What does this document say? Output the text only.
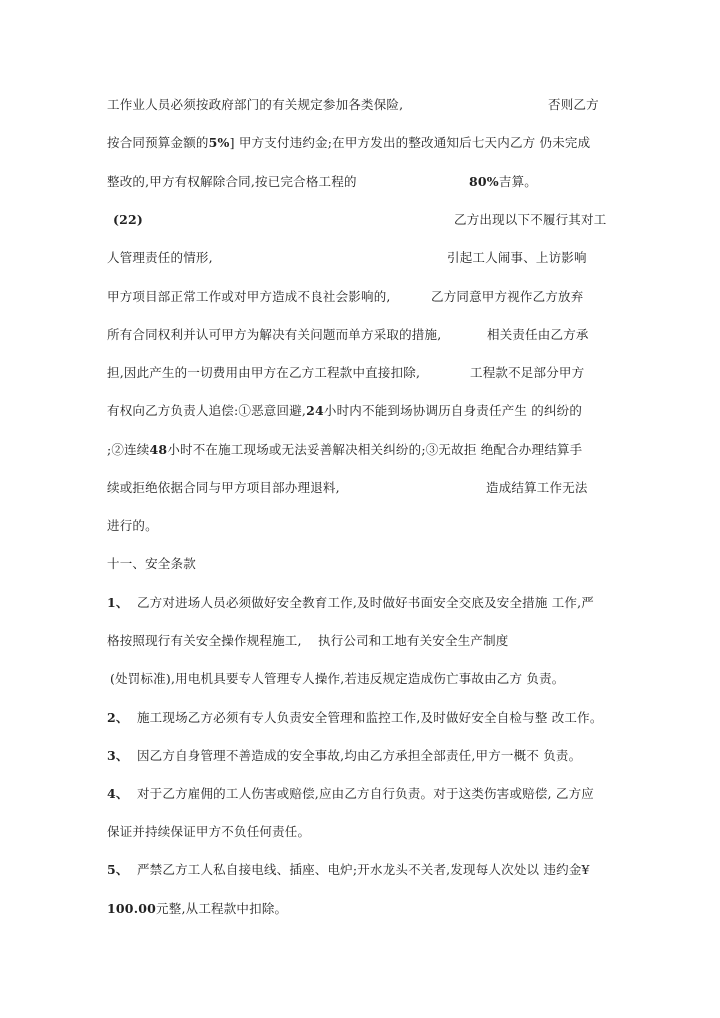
工作业人员必须按政府部门的有关规定参加各类保险,	否则乙方
按合同预算金额的5%] 甲方支付违约金;在甲方发出的整改通知后七天内乙方 仍未完成
整改的,甲方有权解除合同,按已完合格工程的	80%吉算。
(22)	乙方出现以下不履行其对工
人管理责任的情形,	引起工人闹事、上访影响
甲方项目部正常工作或对甲方造成不良社会影响的,	乙方同意甲方视作乙方放弃
所有合同权利并认可甲方为解决有关问题而单方采取的措施,	相关责任由乙方承
担,因此产生的一切费用由甲方在乙方工程款中直接扣除,	工程款不足部分甲方
有权向乙方负责人追偿:①恶意回避,24小时内不能到场协调历自身责任产生 的纠纷的
;②连续48小时不在施工现场或无法妥善解决相关纠纷的;③无故拒 绝配合办理结算手
续或拒绝依据合同与甲方项目部办理退料,	造成结算工作无法
进行的。
十一、安全条款
1、 乙方对进场人员必须做好安全教育工作,及时做好书面安全交底及安全措施 工作,严
格按照现行有关安全操作规程施工, 执行公司和工地有关安全生产制度
(处罚标准),用电机具要专人管理专人操作,若违反规定造成伤亡事故由乙方 负责。
2、 施工现场乙方必须有专人负责安全管理和监控工作,及时做好安全自检与整 改工作。
3、 因乙方自身管理不善造成的安全事故,均由乙方承担全部责任,甲方一概不 负责。
4、 对于乙方雇佣的工人伤害或赔偿,应由乙方自行负责。对于这类伤害或赔偿, 乙方应
保证并持续保证甲方不负任何责任。
5、 严禁乙方工人私自接电线、插座、电炉;开水龙头不关者,发现每人次处以 违约金¥
100.00元整,从工程款中扣除。
